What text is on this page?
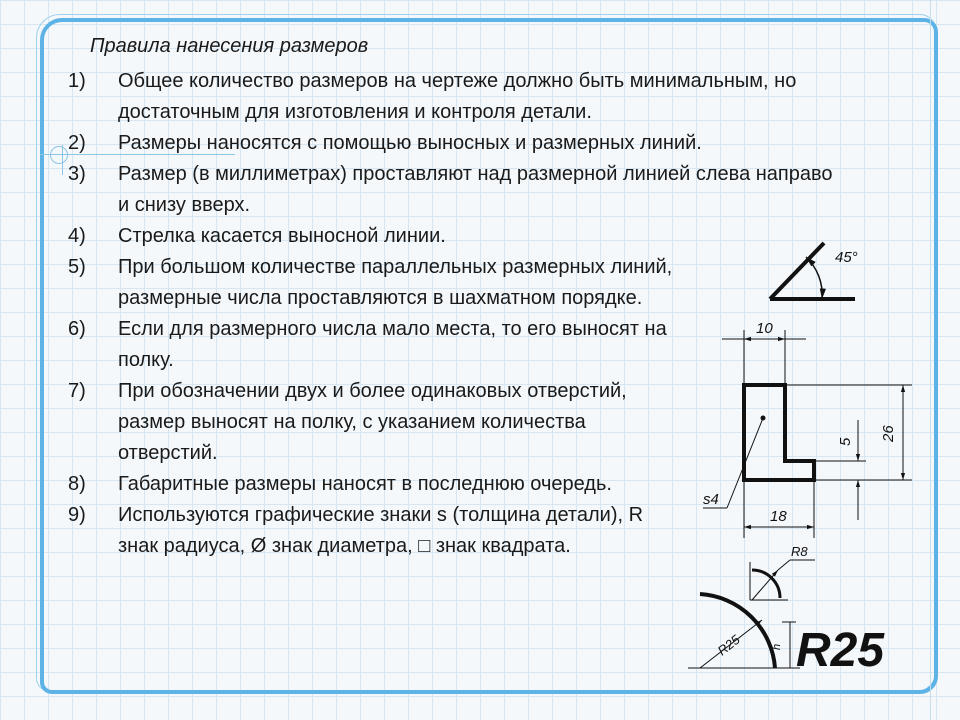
Правила нанесения размеров
1) Общее количество размеров на чертеже должно быть минимальным, но достаточным для изготовления и контроля детали.
2) Размеры наносятся с помощью выносных и размерных линий.
3) Размер (в миллиметрах) проставляют над размерной линией слева направо и снизу вверх.
4) Стрелка касается выносной линии.
5) При большом количестве параллельных размерных линий, размерные числа проставляются в шахматном порядке.
6) Если для размерного числа мало места, то его выносят на полку.
7) При обозначении двух и более одинаковых отверстий, размер выносят на полку, с указанием количества отверстий.
8) Габаритные размеры наносят в последнюю очередь.
9) Используются графические знаки s (толщина детали), R знак радиуса, Ø знак диаметра, □ знак квадрата.
45°
10
26
5
18
s4
R8
R25	h R25
